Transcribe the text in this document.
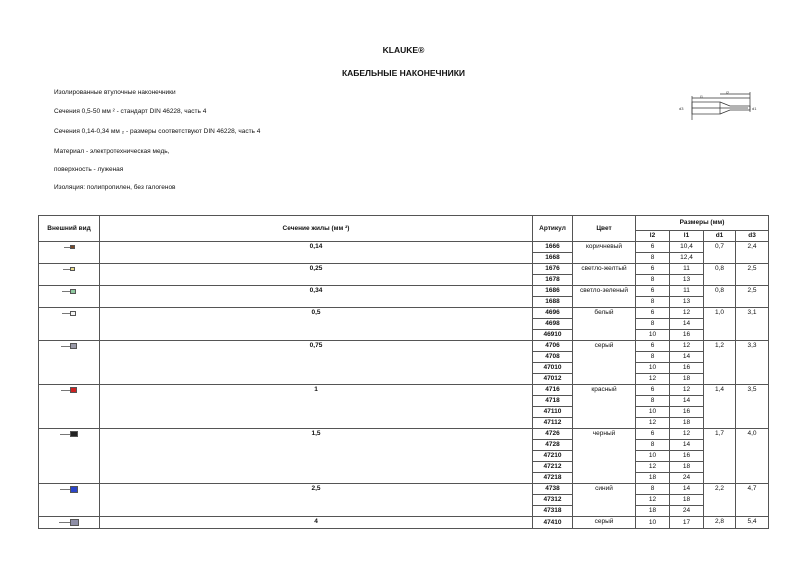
KLAUKE®
КАБЕЛЬНЫЕ НАКОНЕЧНИКИ
Изолированные втулочные наконечники
Сечения 0,5-50 мм ² - стандарт DIN 46228, часть 4
Сечения 0,14-0,34 мм ₂ - размеры соответствуют DIN 46228, часть 4
Материал - электротехническая медь,
поверхность - луженая
Изоляция: полипропилен, без галогенов
l2
l1
d3	d1
Внешний вид	Сечение жилы (мм ²)	Артикул	Цвет	Размеры (мм)			
				l2	l1	d1	d3
	0,14	1666	коричневый	6	10,4	0,7	2,4
		1668		8	12,4		
	0,25	1676	светло-желтый	6	11	0,8	2,5
		1678		8	13		
	0,34	1686	светло-зеленый	6	11	0,8	2,5
		1688		8	13		
	0,5	4696	белый	6	12	1,0	3,1
		4698		8	14		
		46910		10	16		
	0,75	4706	серый	6	12	1,2	3,3
		4708		8	14		
		47010		10	16		
		47012		12	18		
	1	4716	красный	6	12	1,4	3,5
		4718		8	14		
		47110		10	16		
		47112		12	18		
	1,5	4726	черный	6	12	1,7	4,0
		4728		8	14		
		47210		10	16		
		47212		12	18		
		47218		18	24		
	2,5	4738	синий	8	14	2,2	4,7
		47312		12	18		
		47318		18	24		
	4	47410	серый	10	17	2,8	5,4
